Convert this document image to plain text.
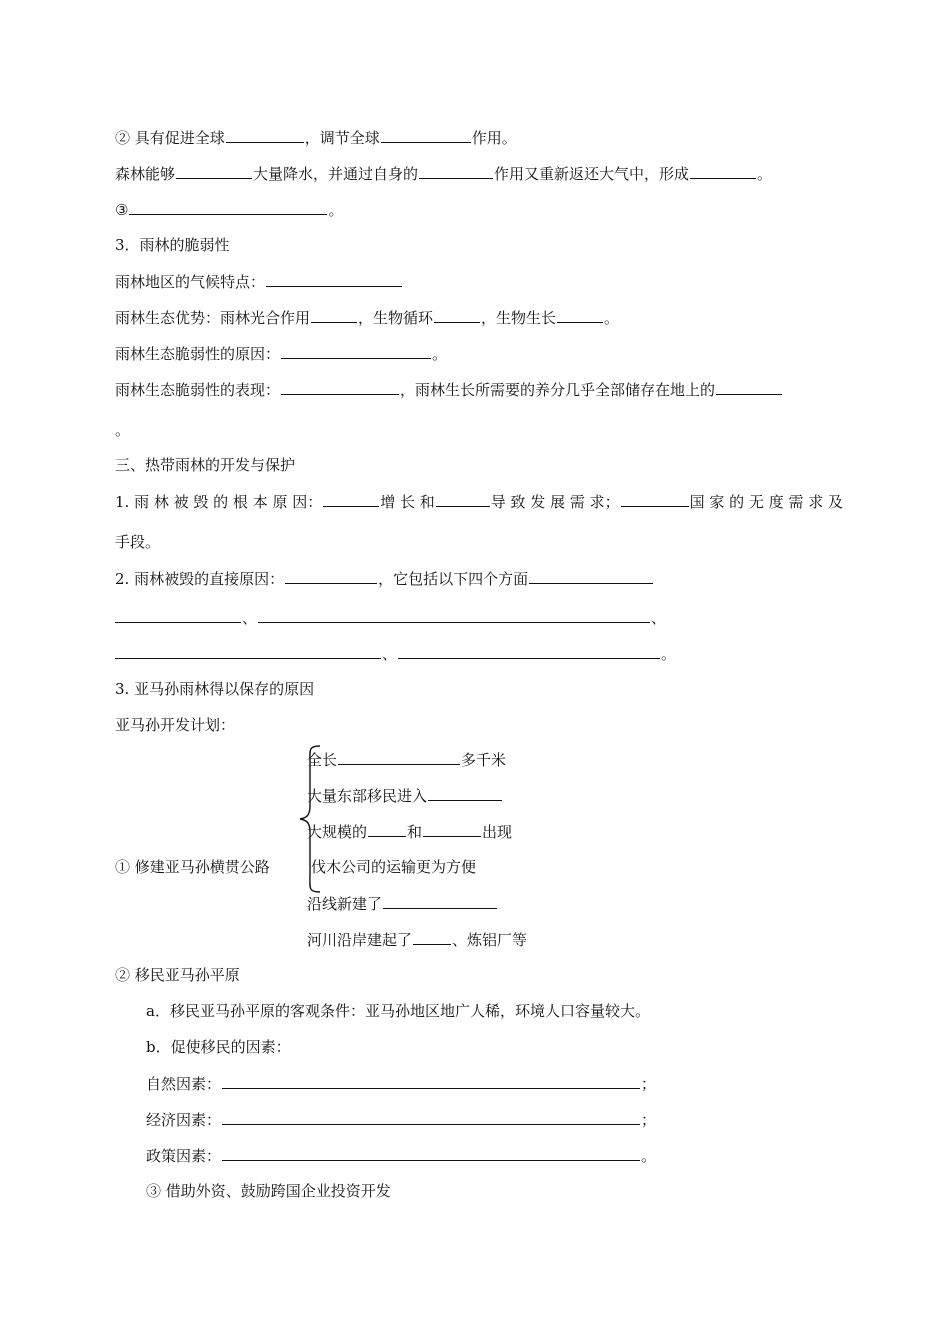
② 具有促进全球	，调节全球	作用。
森林能够	大量降水，并通过自身的	作用又重新返还大气中，形成	。
③	。
3．雨林的脆弱性
雨林地区的气候特点：
雨林生态优势：雨林光合作用	，生物循环	，生物生长	。
雨林生态脆弱性的原因：	。
雨林生态脆弱性的表现：	，雨林生长所需要的养分几乎全部储存在地上的
。
三、热带雨林的开发与保护
1. 雨 林 被 毁 的 根 本 原 因：	增 长 和	导 致 发 展 需 求；	国 家 的 无 度 需 求 及
手段。
2. 雨林被毁的直接原因：	，它包括以下四个方面
、	、
、	。
3. 亚马孙雨林得以保存的原因
亚马孙开发计划：
全长	多千米
大量东部移民进入
大规模的	和	出现
① 修建亚马孙横贯公路	伐木公司的运输更为方便
沿线新建了
河川沿岸建起了	、炼铝厂等
② 移民亚马孙平原
a．移民亚马孙平原的客观条件：亚马孙地区地广人稀，环境人口容量较大。
b．促使移民的因素：
自然因素：	；
经济因素：	；
政策因素：	。
③ 借助外资、鼓励跨国企业投资开发
